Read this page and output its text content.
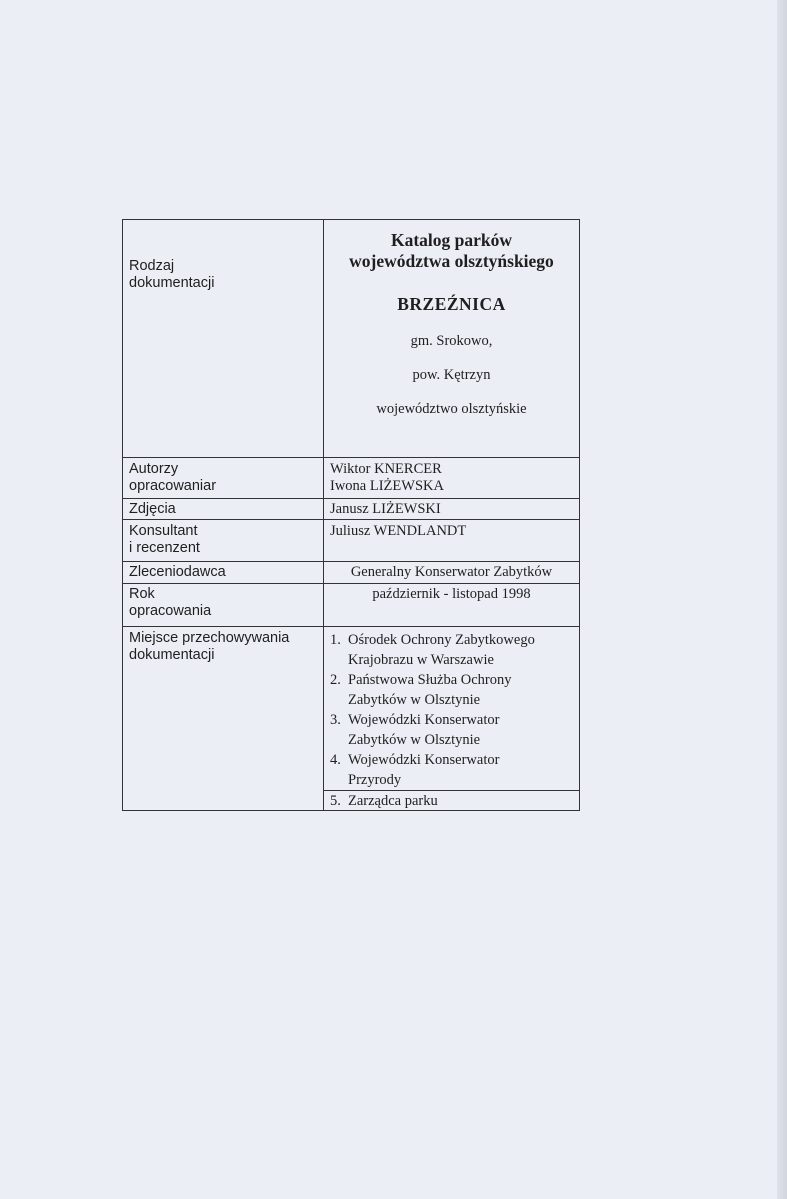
Rodzaj
dokumentacji
Katalog parków
województwa olsztyńskiego
BRZEŹNICA
gm. Srokowo,
pow. Kętrzyn
województwo olsztyńskie
Autorzy
opracowaniar
Wiktor KNERCER
Iwona LIŻEWSKA
Zdjęcia	Janusz LIŻEWSKI
Konsultant
i recenzent
Juliusz WENDLANDT
Zleceniodawca	Generalny Konserwator Zabytków
Rok
opracowania
październik - listopad 1998
Miejsce przechowywania
dokumentacji
1. Ośrodek Ochrony Zabytkowego
Krajobrazu w Warszawie
2. Państwowa Służba Ochrony
Zabytków w Olsztynie
3. Wojewódzki Konserwator
Zabytków w Olsztynie
4. Wojewódzki Konserwator
Przyrody
5. Zarządca parku
